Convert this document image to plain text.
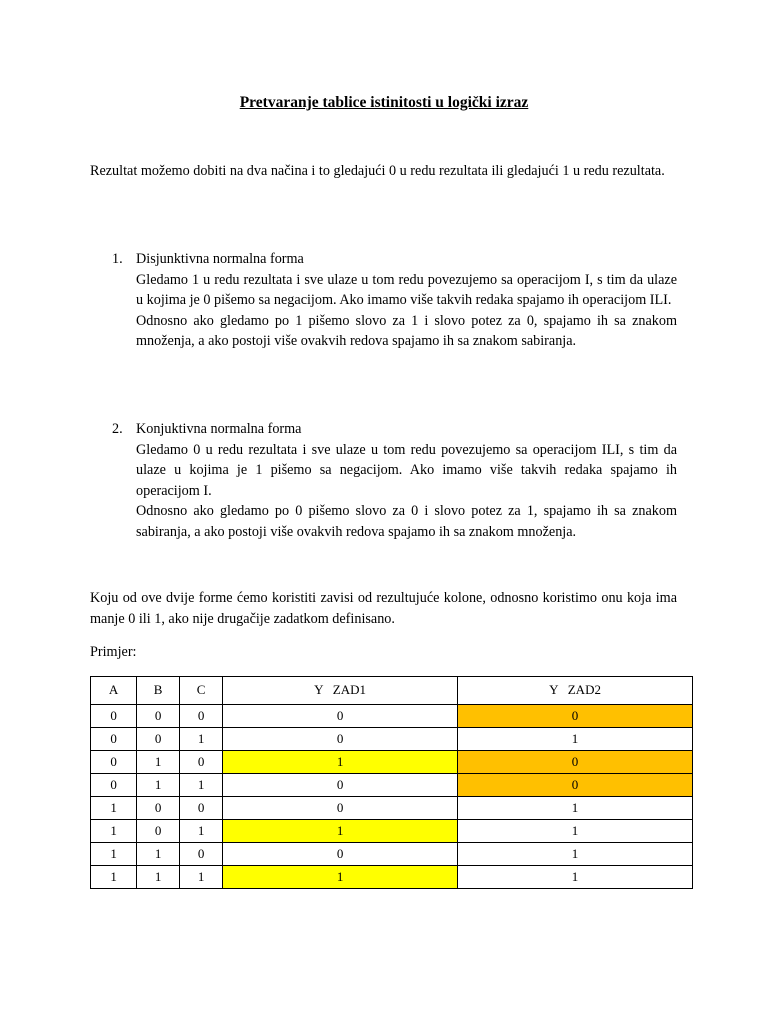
Pretvaranje tablice istinitosti u logički izraz

Rezultat možemo dobiti na dva načina i to gledajući 0 u redu rezultata ili gledajući 1 u redu rezultata.

1. Disjunktivna normalna forma

Gledamo 1 u redu rezultata i sve ulaze u tom redu povezujemo sa operacijom I, s tim da ulaze u kojima je 0 pišemo sa negacijom. Ako imamo više takvih redaka spajamo ih operacijom ILI.

Odnosno ako gledamo po 1 pišemo slovo za 1 i slovo potez za 0, spajamo ih sa znakom množenja, a ako postoji više ovakvih redova spajamo ih sa znakom sabiranja.

2. Konjuktivna normalna forma

Gledamo 0 u redu rezultata i sve ulaze u tom redu povezujemo sa operacijom ILI, s tim da ulaze u kojima je 1 pišemo sa negacijom. Ako imamo više takvih redaka spajamo ih operacijom I.

Odnosno ako gledamo po 0 pišemo slovo za 0 i slovo potez za 1, spajamo ih sa znakom sabiranja, a ako postoji više ovakvih redova spajamo ih sa znakom množenja.

Koju od ove dvije forme ćemo koristiti zavisi od rezultujuće kolone, odnosno koristimo onu koja ima manje 0 ili 1, ako nije drugačije zadatkom definisano.

Primjer:

A	B	C	Y   ZAD1	Y   ZAD2
0	0	0	0	0
0	0	1	0	1
0	1	0	1	0
0	1	1	0	0
1	0	0	0	1
1	0	1	1	1
1	1	0	0	1
1	1	1	1	1
